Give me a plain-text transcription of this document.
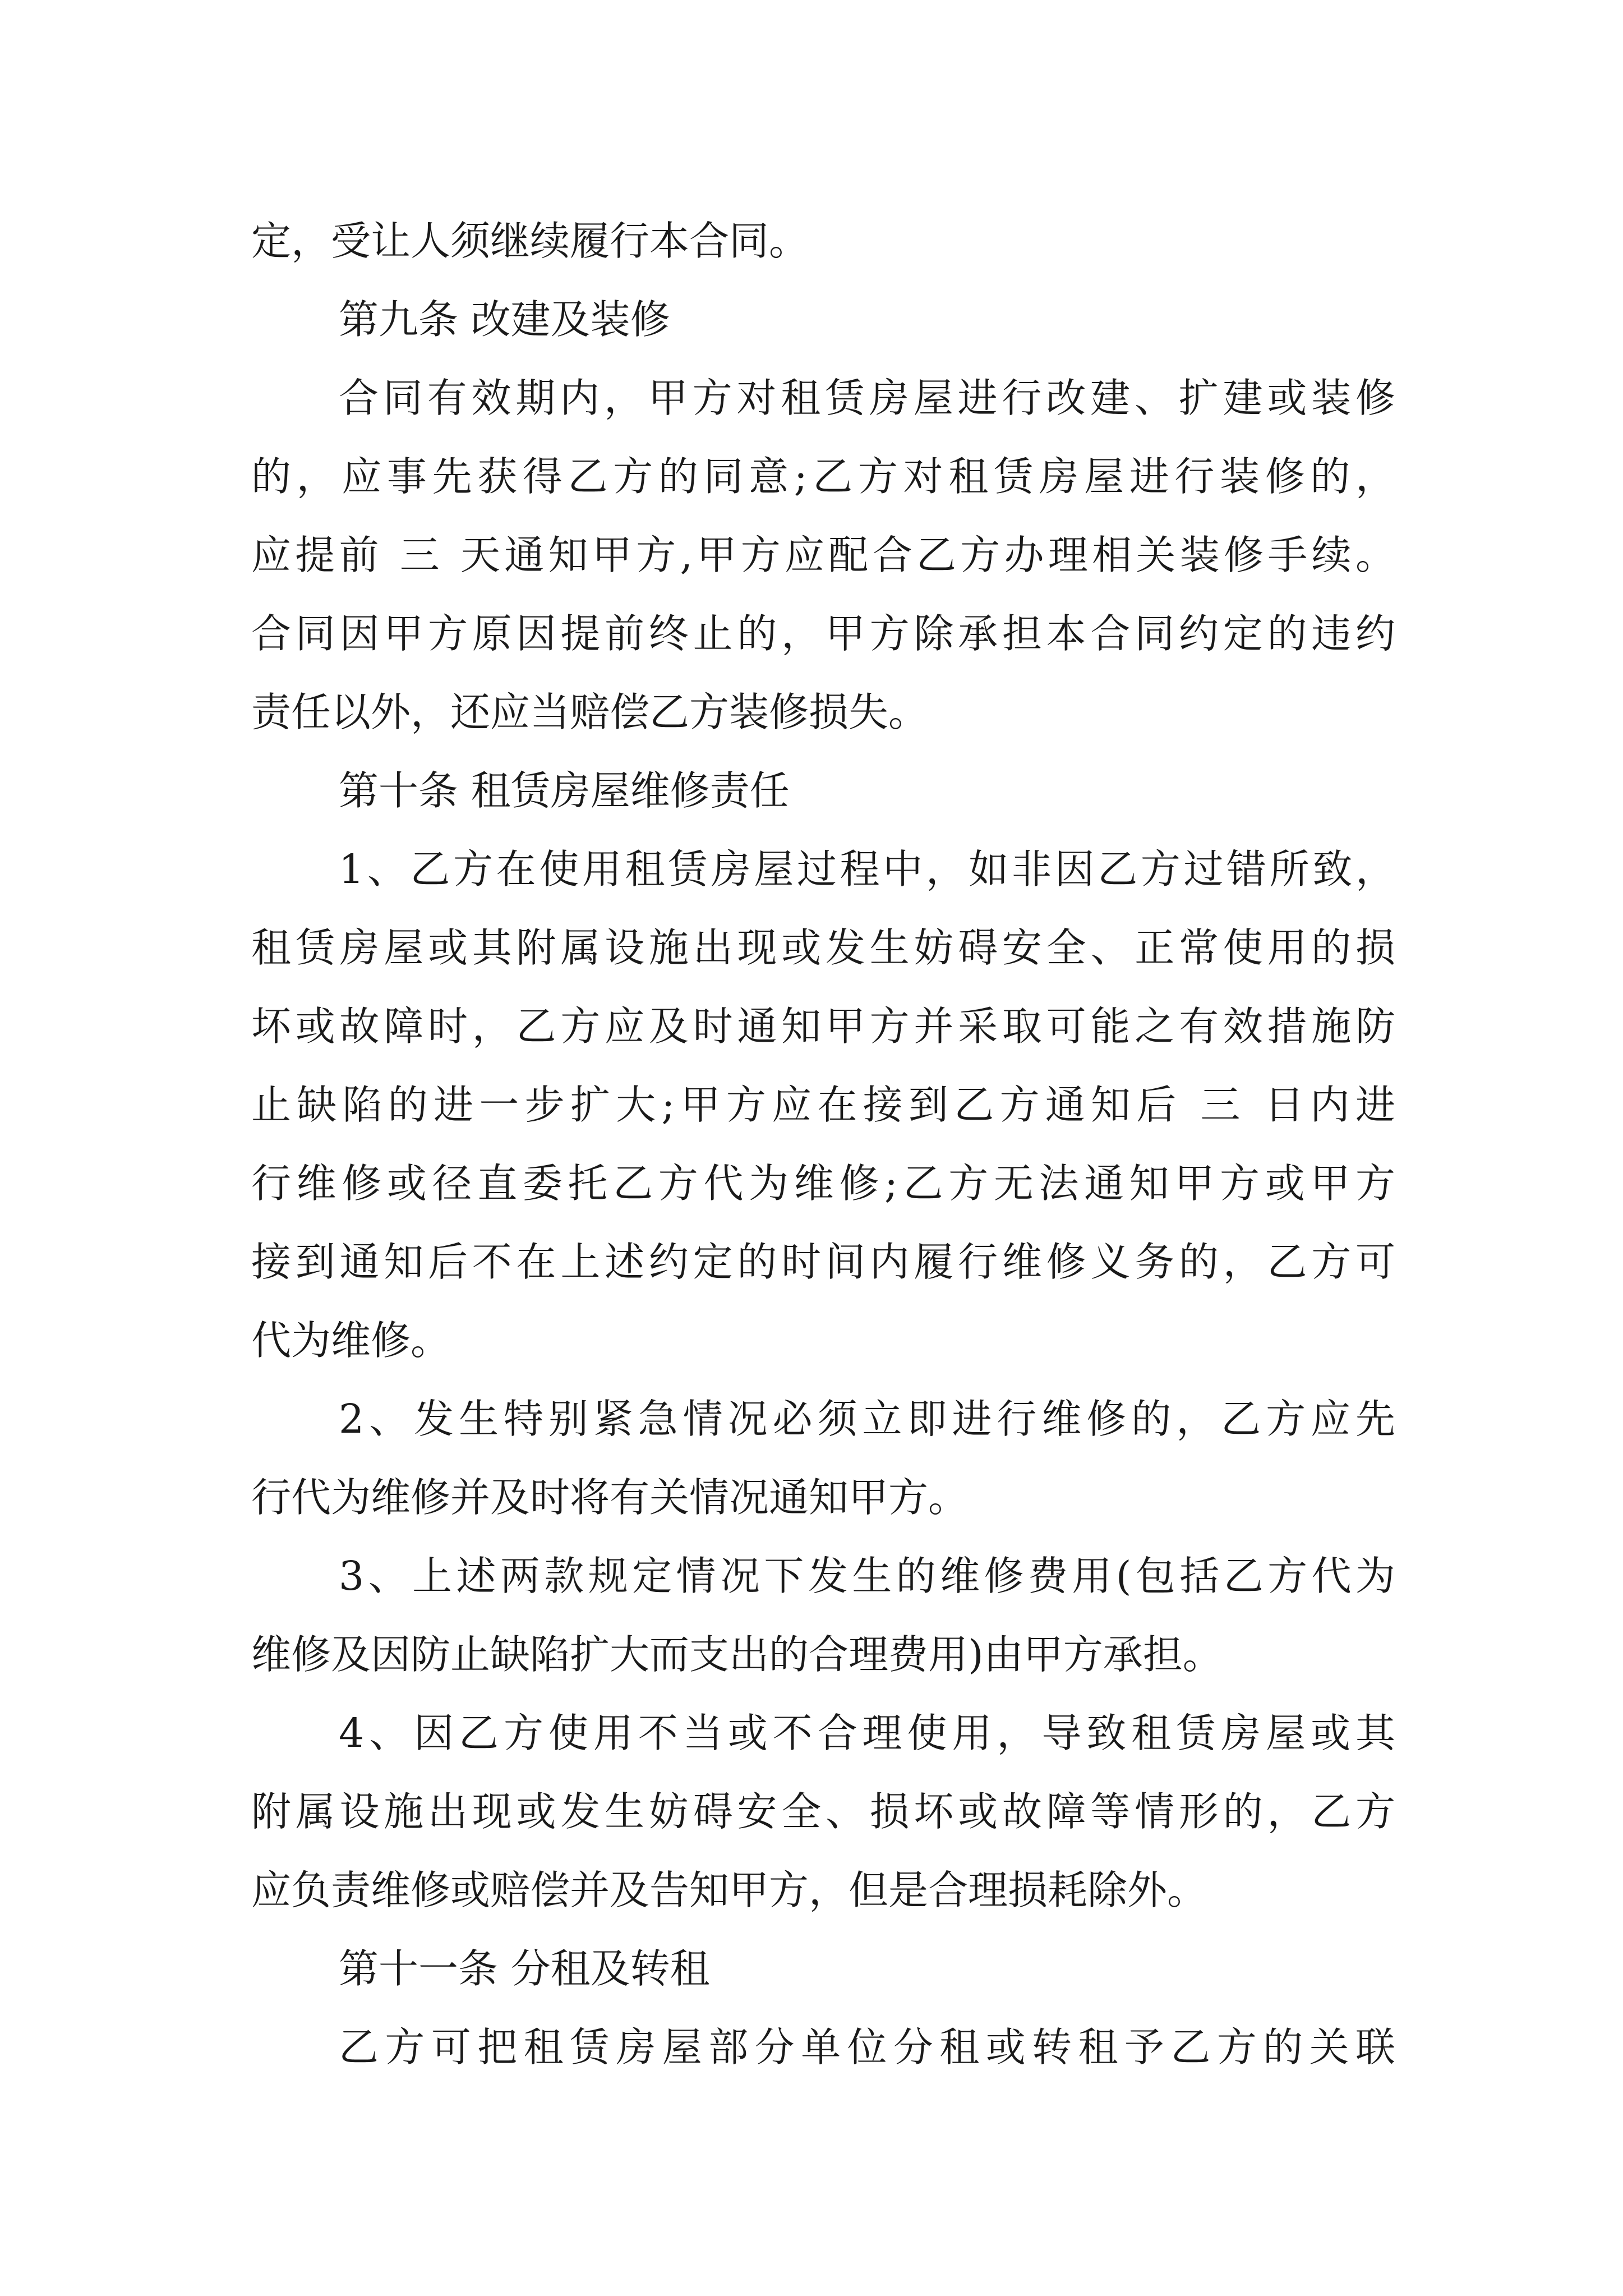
定，受让人须继续履行本合同。
第九条 改建及装修
合同有效期内，甲方对租赁房屋进行改建、扩建或装修
的，应事先获得乙方的同意;乙方对租赁房屋进行装修的，
应提前 三 天通知甲方,甲方应配合乙方办理相关装修手续。
合同因甲方原因提前终止的，甲方除承担本合同约定的违约
责任以外，还应当赔偿乙方装修损失。
第十条 租赁房屋维修责任
1、乙方在使用租赁房屋过程中，如非因乙方过错所致，
租赁房屋或其附属设施出现或发生妨碍安全、正常使用的损
坏或故障时，乙方应及时通知甲方并采取可能之有效措施防
止缺陷的进一步扩大;甲方应在接到乙方通知后 三 日内进
行维修或径直委托乙方代为维修;乙方无法通知甲方或甲方
接到通知后不在上述约定的时间内履行维修义务的，乙方可
代为维修。
2、发生特别紧急情况必须立即进行维修的，乙方应先
行代为维修并及时将有关情况通知甲方。
3、上述两款规定情况下发生的维修费用(包括乙方代为
维修及因防止缺陷扩大而支出的合理费用)由甲方承担。
4、因乙方使用不当或不合理使用，导致租赁房屋或其
附属设施出现或发生妨碍安全、损坏或故障等情形的，乙方
应负责维修或赔偿并及告知甲方，但是合理损耗除外。
第十一条 分租及转租
乙方可把租赁房屋部分单位分租或转租予乙方的关联
